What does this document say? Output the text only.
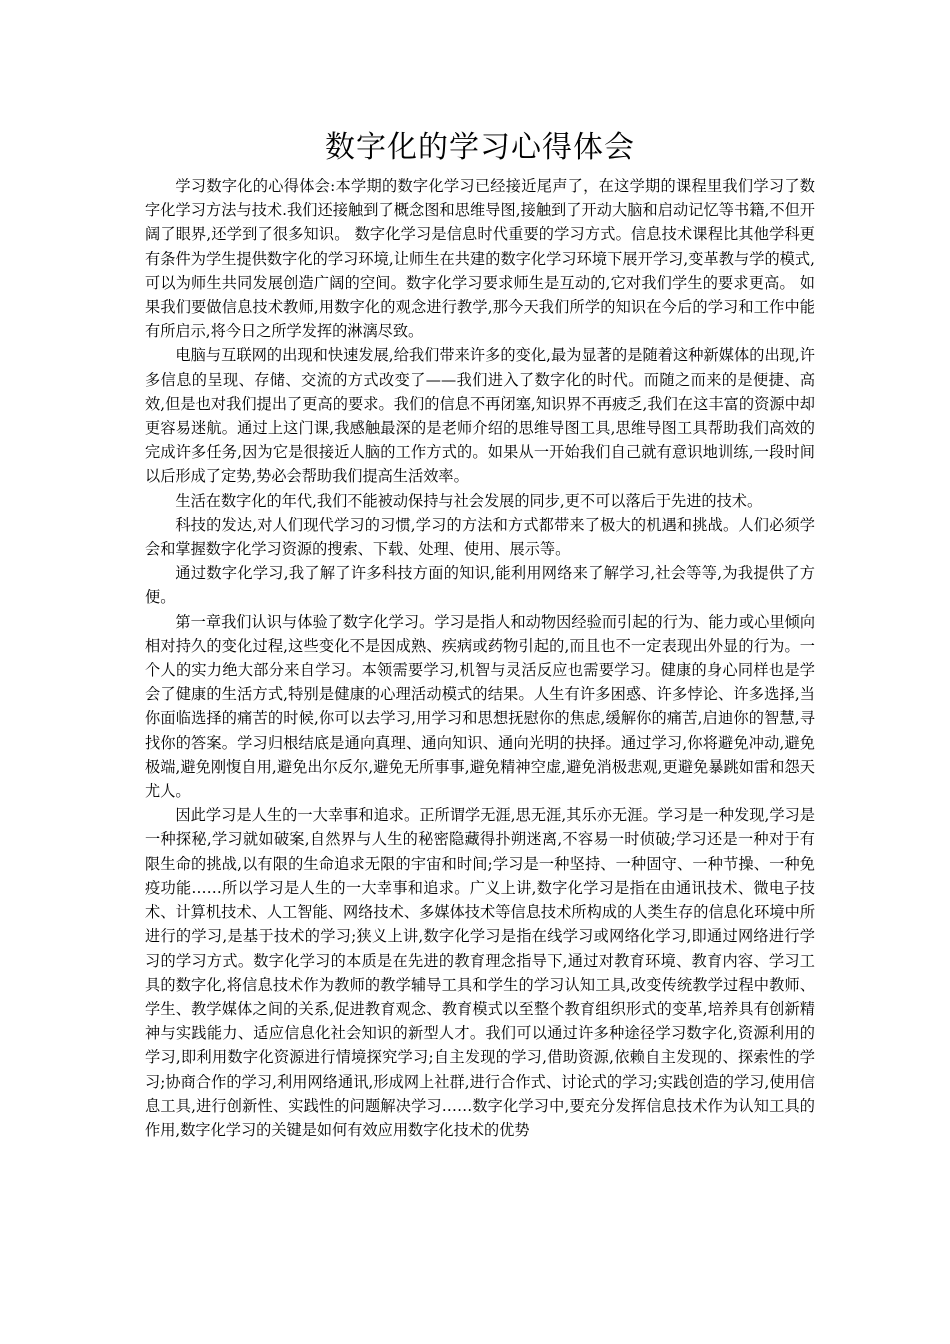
数字化的学习心得体会

学习数字化的心得体会:本学期的数字化学习已经接近尾声了，在这学期的课程里我们学习了数字化学习方法与技术.我们还接触到了概念图和思维导图,接触到了开动大脑和启动记忆等书籍,不但开阔了眼界,还学到了很多知识。 数字化学习是信息时代重要的学习方式。信息技术课程比其他学科更有条件为学生提供数字化的学习环境,让师生在共建的数字化学习环境下展开学习,变革教与学的模式,可以为师生共同发展创造广阔的空间。数字化学习要求师生是互动的,它对我们学生的要求更高。 如果我们要做信息技术教师,用数字化的观念进行教学,那今天我们所学的知识在今后的学习和工作中能有所启示,将今日之所学发挥的淋漓尽致。

电脑与互联网的出现和快速发展,给我们带来许多的变化,最为显著的是随着这种新媒体的出现,许多信息的呈现、存储、交流的方式改变了——我们进入了数字化的时代。而随之而来的是便捷、高效,但是也对我们提出了更高的要求。我们的信息不再闭塞,知识界不再疲乏,我们在这丰富的资源中却更容易迷航。通过上这门课,我感触最深的是老师介绍的思维导图工具,思维导图工具帮助我们高效的完成许多任务,因为它是很接近人脑的工作方式的。如果从一开始我们自己就有意识地训练,一段时间以后形成了定势,势必会帮助我们提高生活效率。

生活在数字化的年代,我们不能被动保持与社会发展的同步,更不可以落后于先进的技术。

科技的发达,对人们现代学习的习惯,学习的方法和方式都带来了极大的机遇和挑战。人们必须学会和掌握数字化学习资源的搜索、下载、处理、使用、展示等。

通过数字化学习,我了解了许多科技方面的知识,能利用网络来了解学习,社会等等,为我提供了方便。

第一章我们认识与体验了数字化学习。学习是指人和动物因经验而引起的行为、能力或心里倾向相对持久的变化过程,这些变化不是因成熟、疾病或药物引起的,而且也不一定表现出外显的行为。一个人的实力绝大部分来自学习。本领需要学习,机智与灵活反应也需要学习。健康的身心同样也是学会了健康的生活方式,特别是健康的心理活动模式的结果。人生有许多困惑、许多悖论、许多选择,当你面临选择的痛苦的时候,你可以去学习,用学习和思想抚慰你的焦虑,缓解你的痛苦,启迪你的智慧,寻找你的答案。学习归根结底是通向真理、通向知识、通向光明的抉择。通过学习,你将避免冲动,避免极端,避免刚愎自用,避免出尔反尔,避免无所事事,避免精神空虚,避免消极悲观,更避免暴跳如雷和怨天尤人。

因此学习是人生的一大幸事和追求。正所谓学无涯,思无涯,其乐亦无涯。学习是一种发现,学习是一种探秘,学习就如破案,自然界与人生的秘密隐藏得扑朔迷离,不容易一时侦破;学习还是一种对于有限生命的挑战,以有限的生命追求无限的宇宙和时间;学习是一种坚持、一种固守、一种节操、一种免疫功能……所以学习是人生的一大幸事和追求。广义上讲,数字化学习是指在由通讯技术、微电子技术、计算机技术、人工智能、网络技术、多媒体技术等信息技术所构成的人类生存的信息化环境中所进行的学习,是基于技术的学习;狭义上讲,数字化学习是指在线学习或网络化学习,即通过网络进行学习的学习方式。数字化学习的本质是在先进的教育理念指导下,通过对教育环境、教育内容、学习工具的数字化,将信息技术作为教师的教学辅导工具和学生的学习认知工具,改变传统教学过程中教师、学生、教学媒体之间的关系,促进教育观念、教育模式以至整个教育组织形式的变革,培养具有创新精神与实践能力、适应信息化社会知识的新型人才。我们可以通过许多种途径学习数字化,资源利用的学习,即利用数字化资源进行情境探究学习;自主发现的学习,借助资源,依赖自主发现的、探索性的学习;协商合作的学习,利用网络通讯,形成网上社群,进行合作式、讨论式的学习;实践创造的学习,使用信息工具,进行创新性、实践性的问题解决学习……数字化学习中,要充分发挥信息技术作为认知工具的作用,数字化学习的关键是如何有效应用数字化技术的优势
